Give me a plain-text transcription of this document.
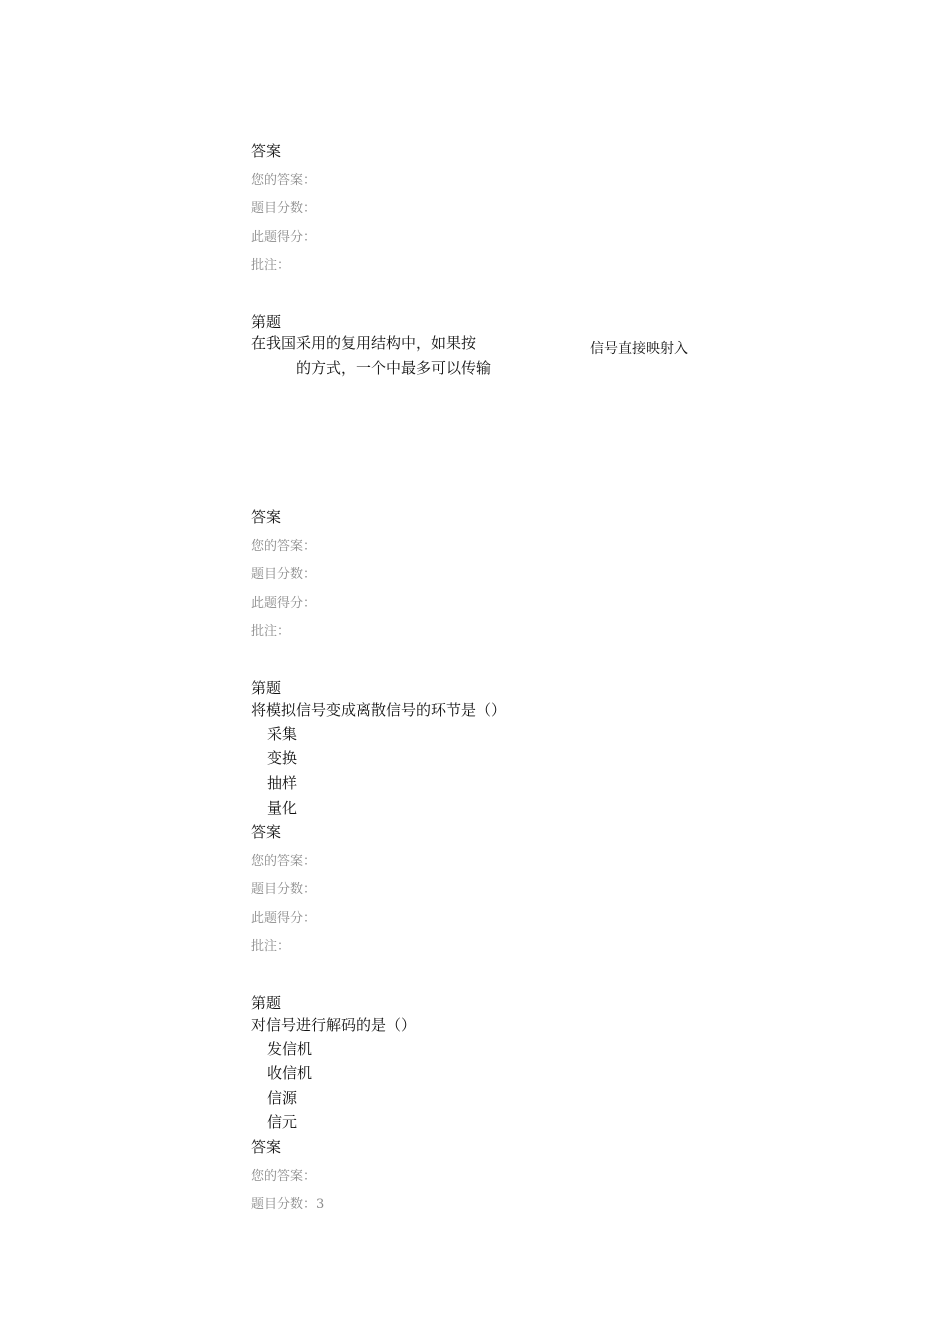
答案
您的答案：
题目分数：
此题得分：
批注：
第题
在我国采用的复用结构中，如果按
的方式，一个中最多可以传输
信号直接映射入
答案
您的答案：
题目分数：
此题得分：
批注：
第题
将模拟信号变成离散信号的环节是（）
采集
变换
抽样
量化
答案
您的答案：
题目分数：
此题得分：
批注：
第题
对信号进行解码的是（）
发信机
收信机
信源
信元
答案
您的答案：
题目分数：3
